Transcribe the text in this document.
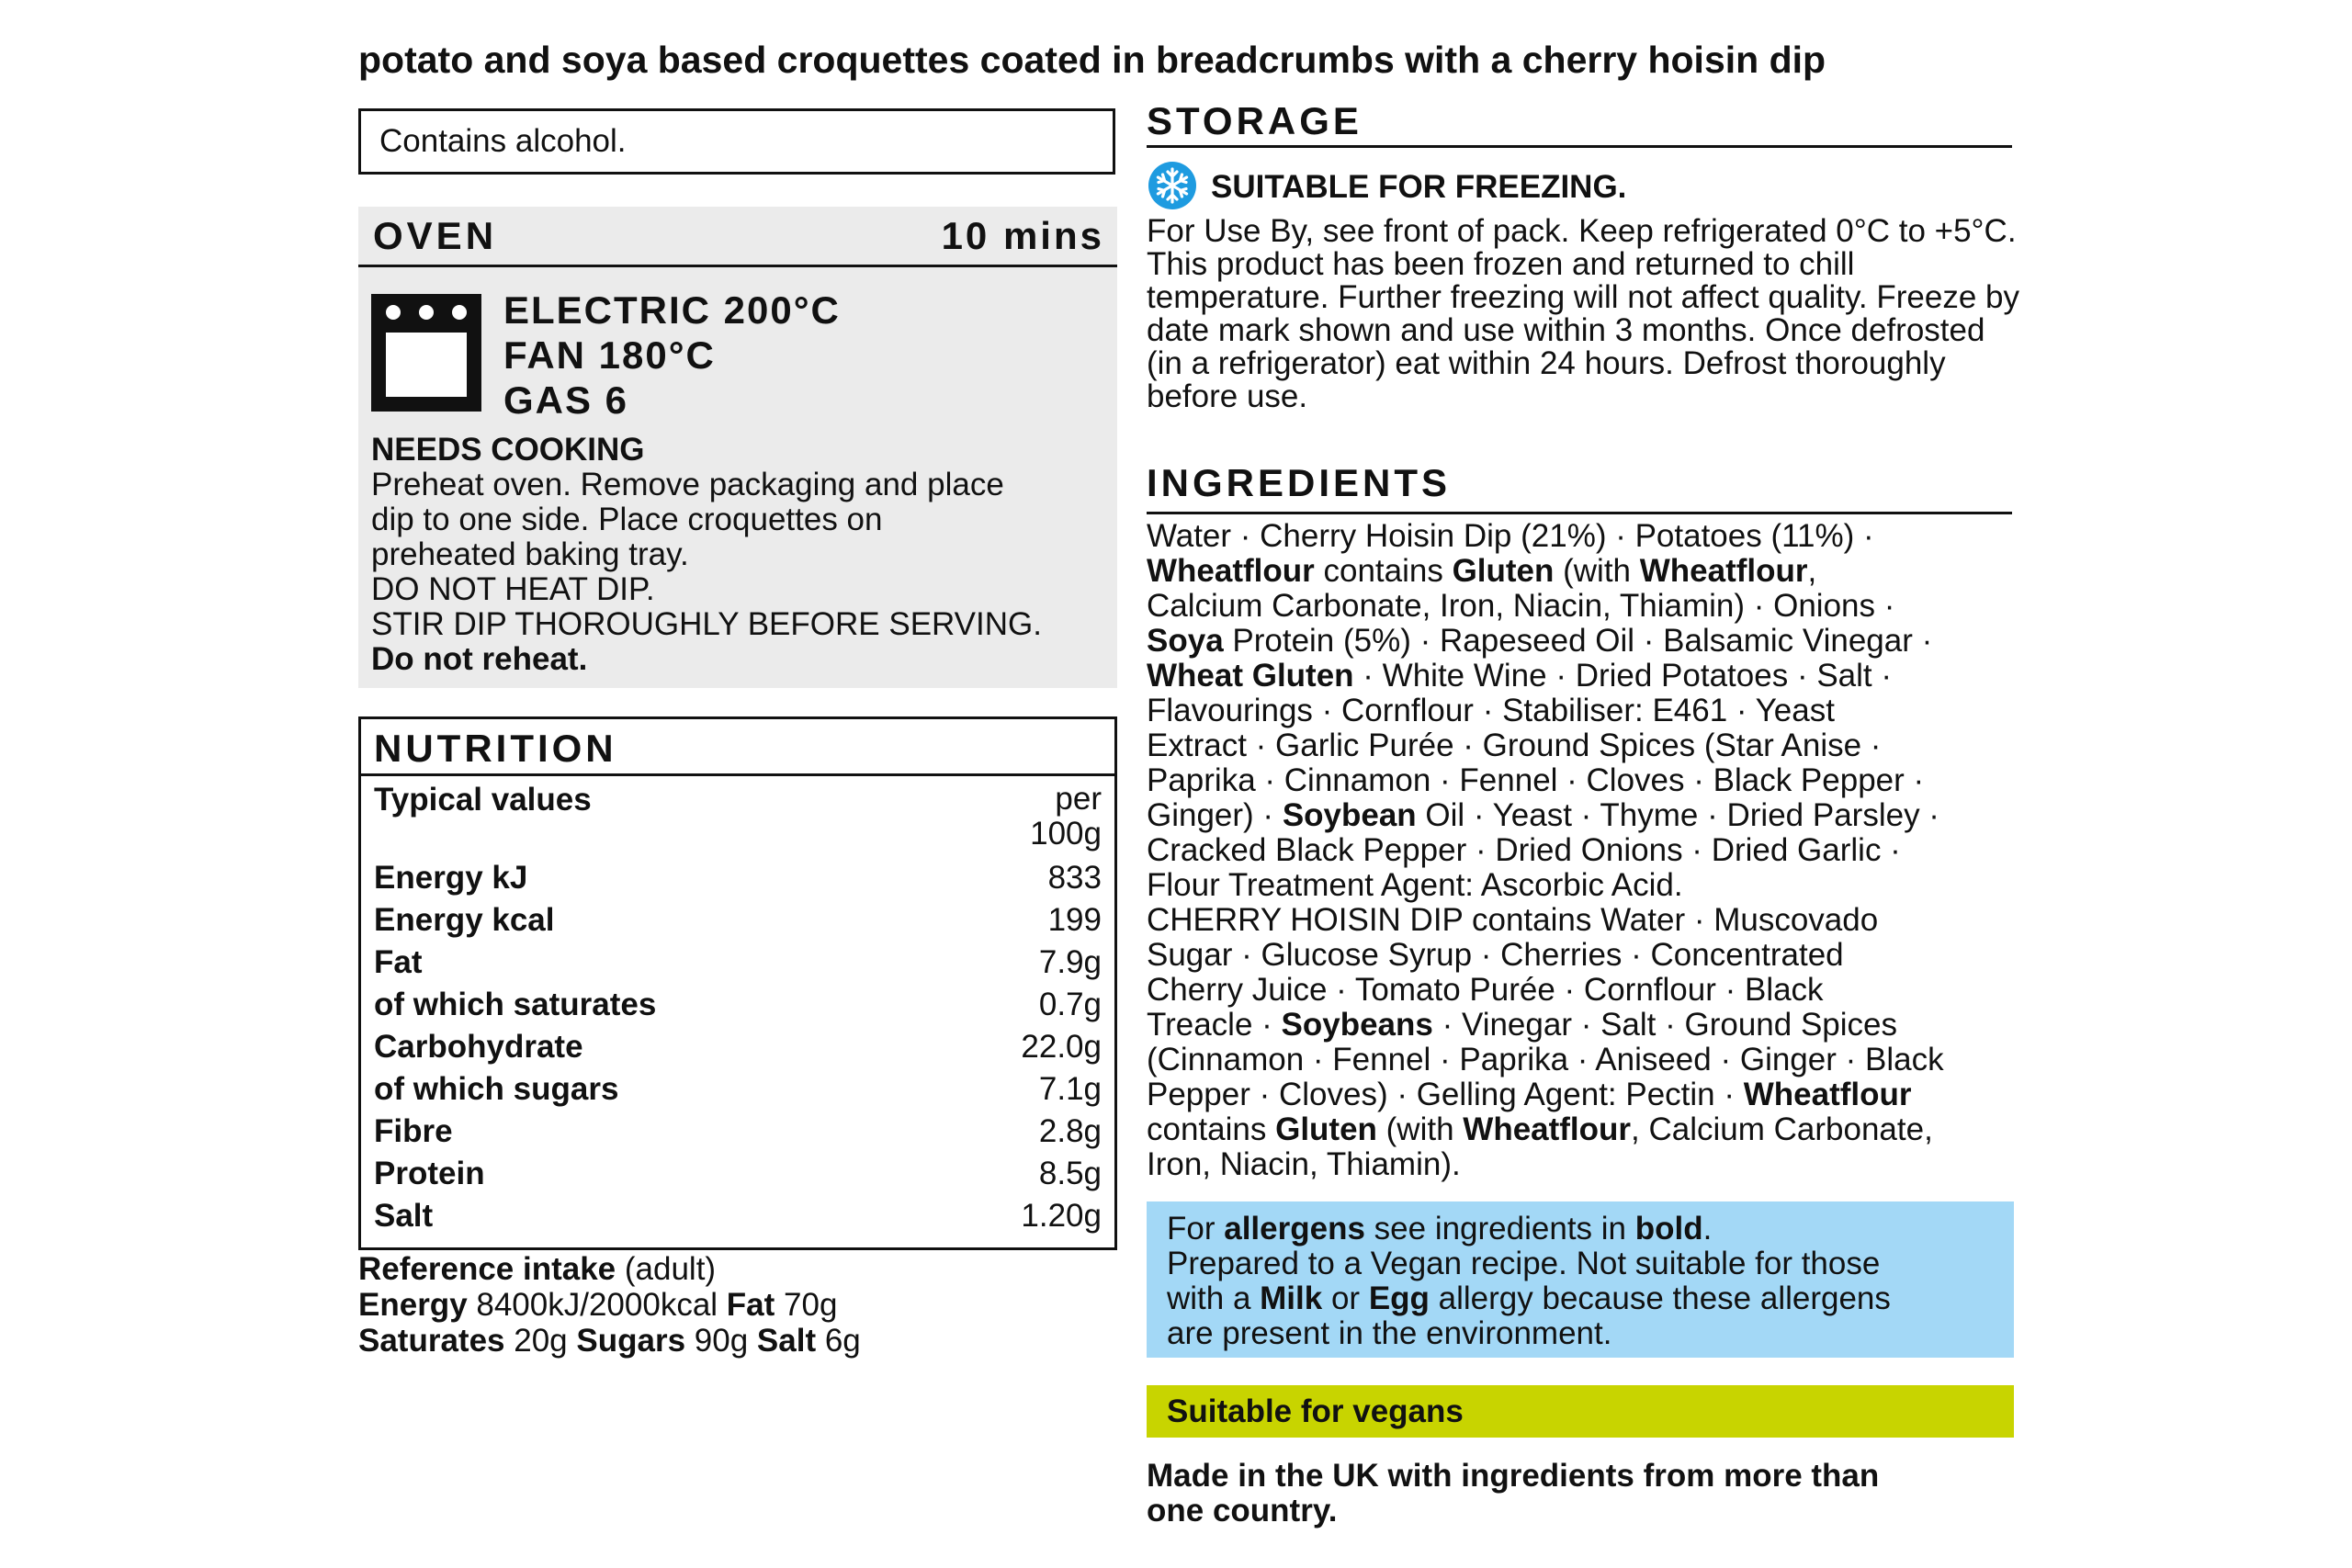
potato and soya based croquettes coated in breadcrumbs with a cherry hoisin dip
Contains alcohol.
OVEN	10 mins
ELECTRIC 200°C
FAN 180°C
GAS 6
NEEDS COOKING
Preheat oven. Remove packaging and place
dip to one side. Place croquettes on
preheated baking tray.
DO NOT HEAT DIP.
STIR DIP THOROUGHLY BEFORE SERVING.
Do not reheat.
NUTRITION
Typical values	per
100g
Energy kJ	833
Energy kcal	199
Fat	7.9g
of which saturates	0.7g
Carbohydrate	22.0g
of which sugars	7.1g
Fibre	2.8g
Protein	8.5g
Salt	1.20g
Reference intake (adult)
Energy 8400kJ/2000kcal Fat 70g
Saturates 20g Sugars 90g Salt 6g
STORAGE
SUITABLE FOR FREEZING.
For Use By, see front of pack. Keep refrigerated 0°C to +5°C. This product has been frozen and returned to chill temperature. Further freezing will not affect quality. Freeze by date mark shown and use within 3 months. Once defrosted (in a refrigerator) eat within 24 hours. Defrost thoroughly before use.
INGREDIENTS
Water · Cherry Hoisin Dip (21%) · Potatoes (11%) ·
Wheatflour contains Gluten (with Wheatflour,
Calcium Carbonate, Iron, Niacin, Thiamin) · Onions ·
Soya Protein (5%) · Rapeseed Oil · Balsamic Vinegar ·
Wheat Gluten · White Wine · Dried Potatoes · Salt ·
Flavourings · Cornflour · Stabiliser: E461 · Yeast
Extract · Garlic Purée · Ground Spices (Star Anise ·
Paprika · Cinnamon · Fennel · Cloves · Black Pepper ·
Ginger) · Soybean Oil · Yeast · Thyme · Dried Parsley ·
Cracked Black Pepper · Dried Onions · Dried Garlic ·
Flour Treatment Agent: Ascorbic Acid.
CHERRY HOISIN DIP contains Water · Muscovado
Sugar · Glucose Syrup · Cherries · Concentrated
Cherry Juice · Tomato Purée · Cornflour · Black
Treacle · Soybeans · Vinegar · Salt · Ground Spices
(Cinnamon · Fennel · Paprika · Aniseed · Ginger · Black
Pepper · Cloves) · Gelling Agent: Pectin · Wheatflour
contains Gluten (with Wheatflour, Calcium Carbonate,
Iron, Niacin, Thiamin).
For allergens see ingredients in bold.
Prepared to a Vegan recipe. Not suitable for those
with a Milk or Egg allergy because these allergens
are present in the environment.
Suitable for vegans
Made in the UK with ingredients from more than
one country.
